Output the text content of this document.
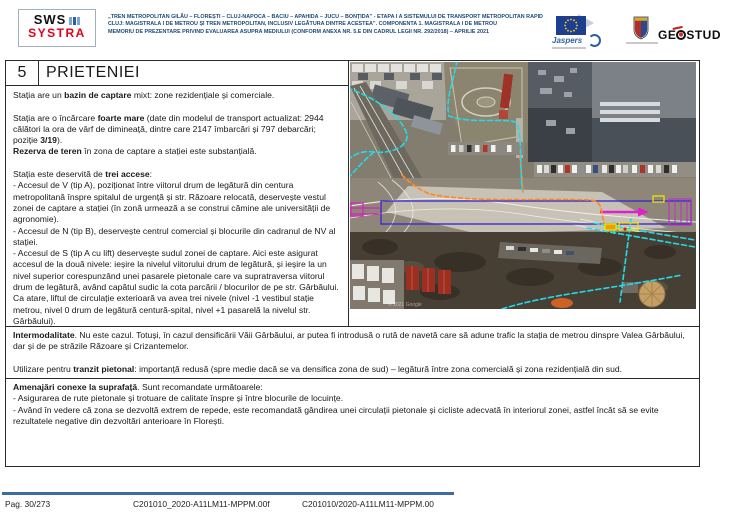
SWS
SYSTRA
„TREN METROPOLITAN GILĂU – FLOREȘTI – CLUJ-NAPOCA – BACIU – APAHIDA – JUCU – BONȚIDA” - ETAPA I A SISTEMULUI DE TRANSPORT METROPOLITAN RAPID
CLUJ: MAGISTRALA I DE METROU ȘI TREN METROPOLITAN, INCLUSIV LEGĂTURA DINTRE ACESTEA”. COMPONENTA 1. MAGISTRALA I DE METROU
MEMORIU DE PREZENTARE PRIVIND EVALUAREA ASUPRA MEDIULUI (CONFORM ANEXA NR. 5.E DIN CADRUL LEGII NR. 292/2018) – APRILIE 2021
Jaspers	GE STUD
5	PRIETENIEI
Stația are un bazin de captare mixt: zone rezidențiale și comerciale.

Stația are o încărcare foarte mare (date din modelul de transport actualizat: 2944 călători la ora de vârf de dimineață, dintre care 2147 îmbarcări și 797 debarcări; poziție 3/19).
Rezerva de teren în zona de captare a stației este substanțială.

Stația este deservită de trei accese:
- Accesul de V (tip A), poziționat între viitorul drum de legătură din centura metropolitană înspre spitalul de urgență și str. Răzoare relocată, deservește vestul zonei de captare a stației (în zonă urmează a se construi cămine ale universității de agronomie).
- Accesul de N (tip B), deservește centrul comercial și blocurile din cadranul de NV al stației.
- Accesul de S (tip A cu lift) deservește sudul zonei de captare. Aici este asigurat accesul de la două nivele: ieșire la nivelul viitorului drum de legătură, și ieșire la un nivel superior corespunzând unei pasarele pietonale care va supratraversa viitorul drum de legătură, având capătul sudic la cota parcării / blocurilor de pe str. Gârbăului. Ca atare, liftul de circulație exterioară va avea trei nivele (nivel -1 vestibul stație metrou, nivel 0 drum de legătură centură-spital, nivel +1 pasarelă la nivelul str. Gârbăului).
© 2021 Google
Intermodalitate. Nu este cazul. Totuși, în cazul densificării Văii Gârbăului, ar putea fi introdusă o rută de navetă care să adune trafic la stația de metrou dinspre Valea Gârbăului, dar și de pe străzile Răzoare și Crizantemelor.

Utilizare pentru tranzit pietonal: importanță redusă (spre medie dacă se va densifica zona de sud) – legătură între zona comercială și zona rezidențială din sud.
Amenajări conexe la suprafață. Sunt recomandate următoarele:
- Asigurarea de rute pietonale și trotuare de calitate înspre și între blocurile de locuințe.
- Având în vedere că zona se dezvoltă extrem de repede, este recomandată gândirea unei circulații pietonale și cicliste adecvată în interiorul zonei, astfel încât să se evite rezultatele negative din dezvoltări anterioare în Florești.
Pag. 30/273	C201010_2020-A11LM11-MPPM.00f	C201010/2020-A11LM11-MPPM.00
